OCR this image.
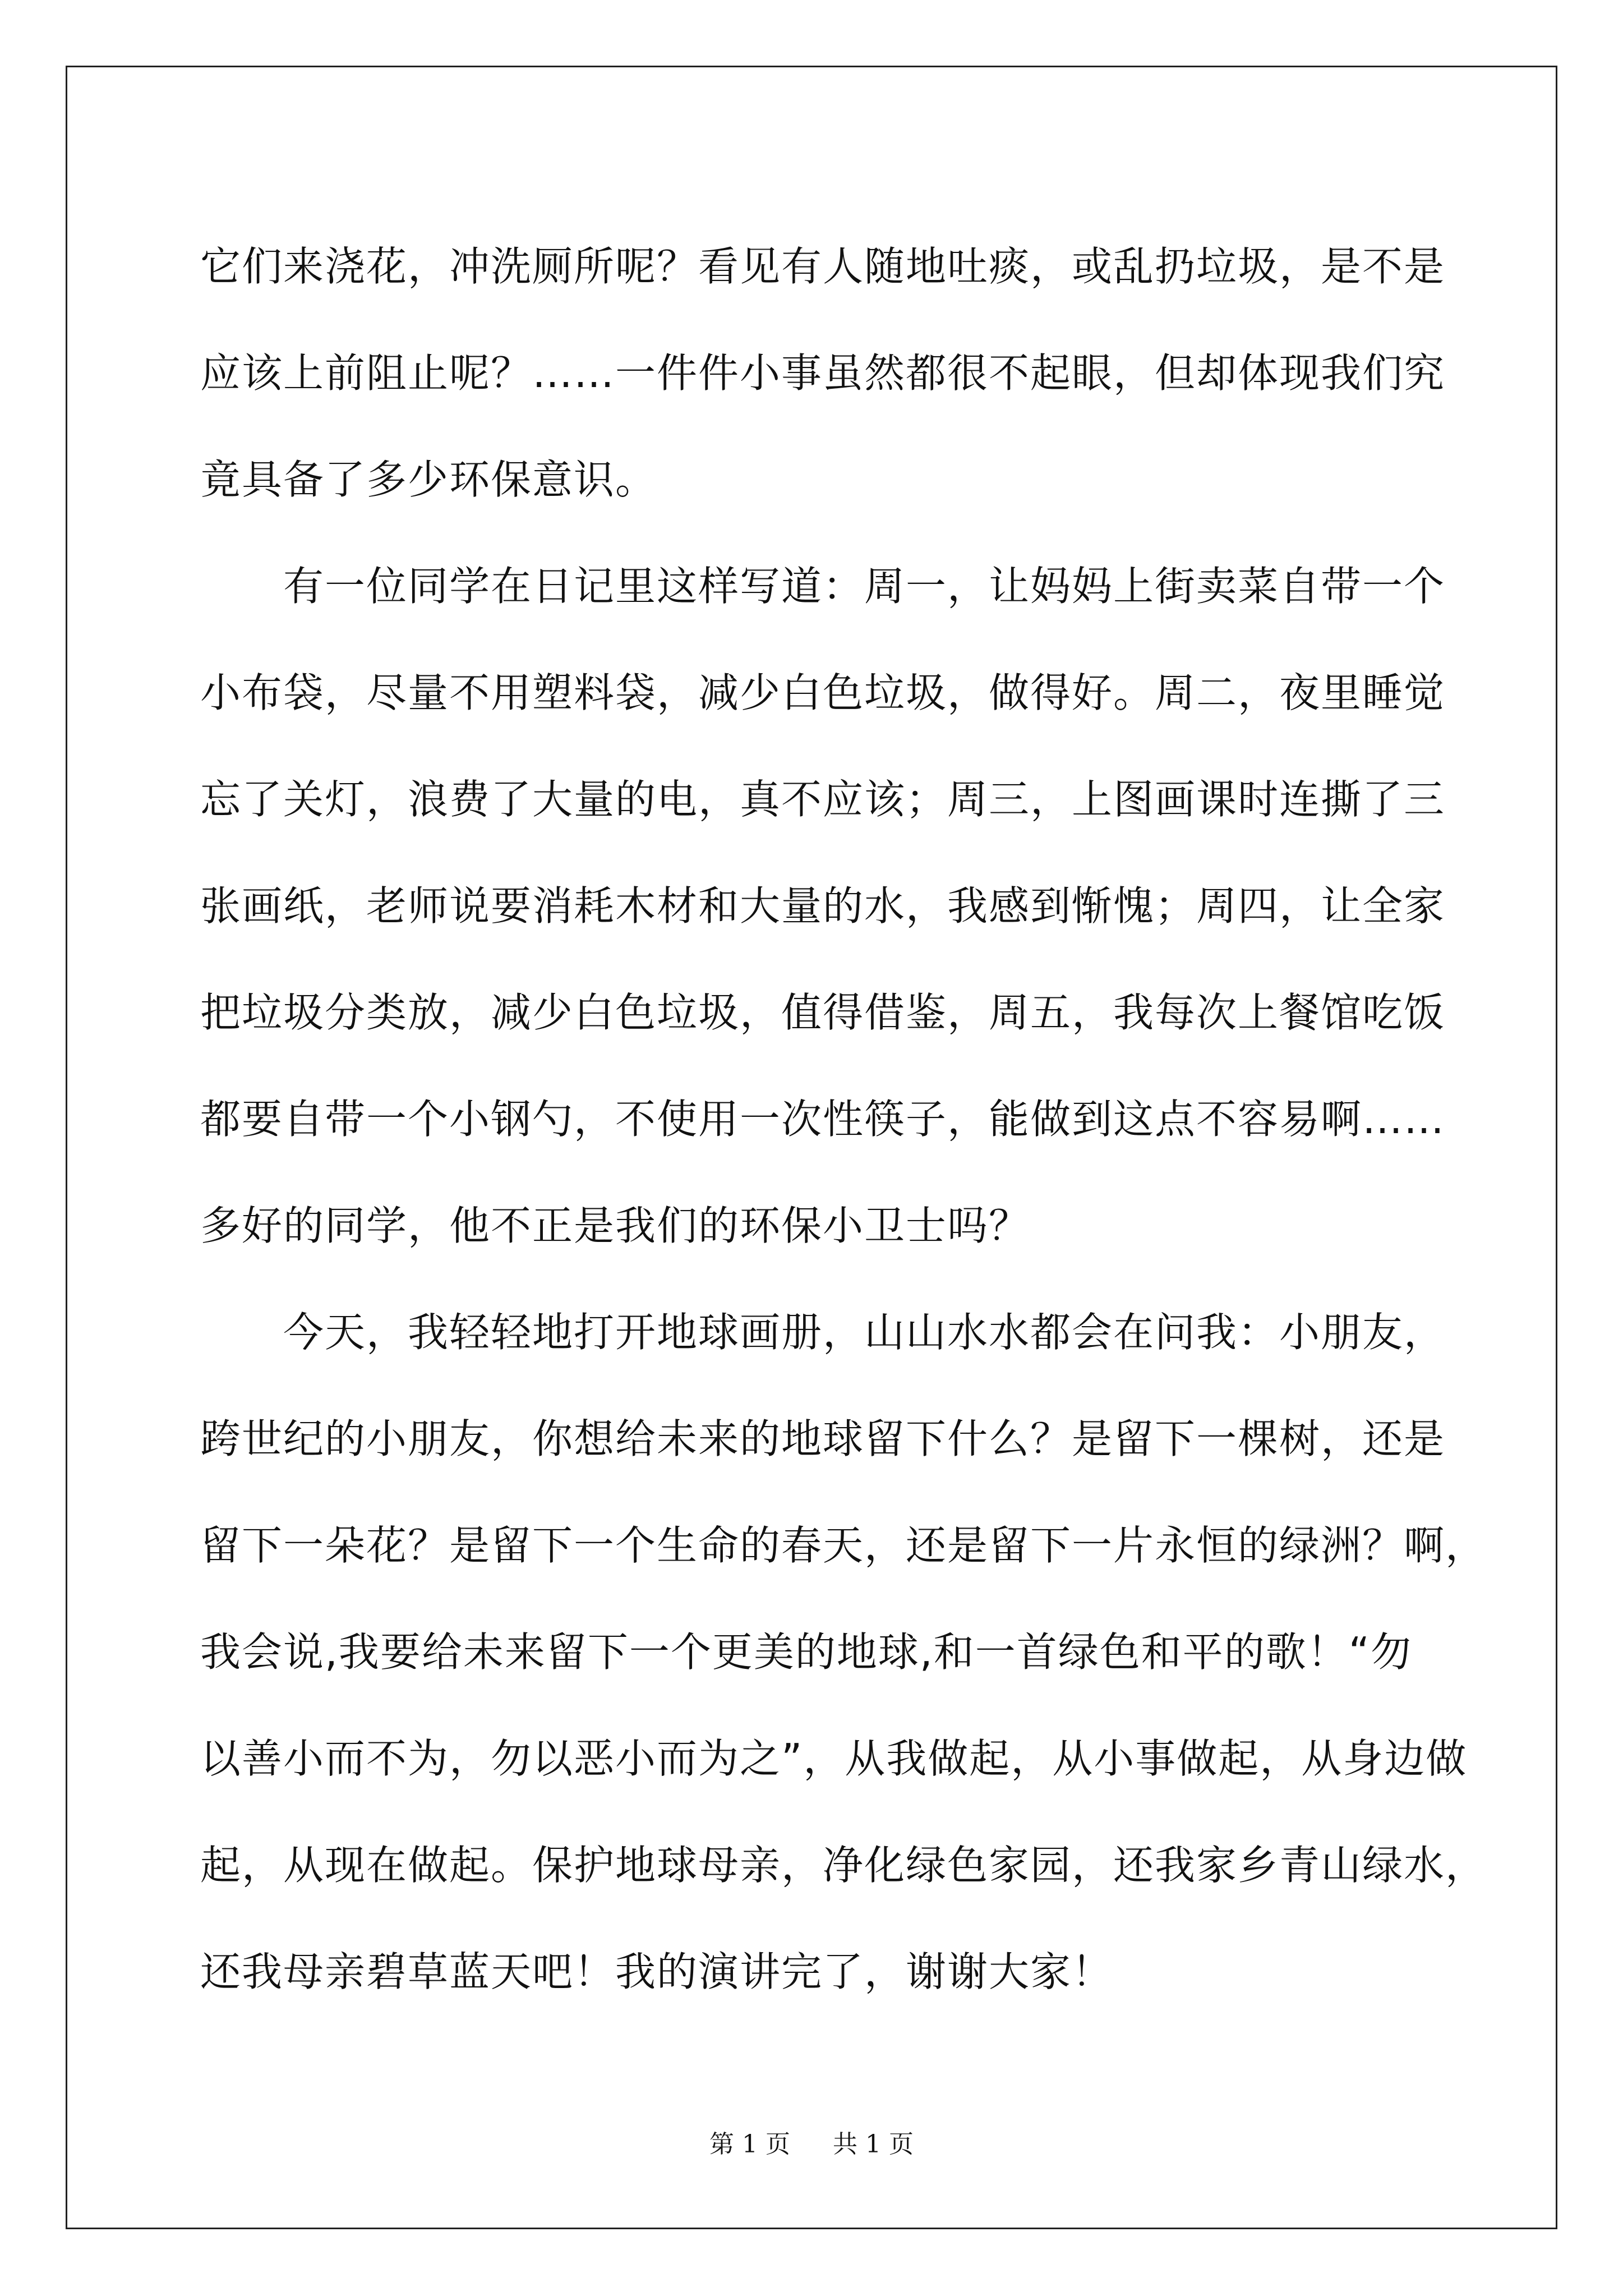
它们来浇花，冲洗厕所呢？看见有人随地吐痰，或乱扔垃圾，是不是
应该上前阻止呢？……一件件小事虽然都很不起眼，但却体现我们究
竟具备了多少环保意识。
有一位同学在日记里这样写道：周一，让妈妈上街卖菜自带一个
小布袋，尽量不用塑料袋，减少白色垃圾，做得好。周二，夜里睡觉
忘了关灯，浪费了大量的电，真不应该；周三，上图画课时连撕了三
张画纸，老师说要消耗木材和大量的水，我感到惭愧；周四，让全家
把垃圾分类放，减少白色垃圾，值得借鉴，周五，我每次上餐馆吃饭
都要自带一个小钢勺，不使用一次性筷子，能做到这点不容易啊……
多好的同学，他不正是我们的环保小卫士吗？
今天，我轻轻地打开地球画册，山山水水都会在问我：小朋友，
跨世纪的小朋友，你想给未来的地球留下什么？是留下一棵树，还是
留下一朵花？是留下一个生命的春天，还是留下一片永恒的绿洲？啊，
我会说,我要给未来留下一个更美的地球,和一首绿色和平的歌！“勿
以善小而不为，勿以恶小而为之”，从我做起，从小事做起，从身边做
起，从现在做起。保护地球母亲，净化绿色家园，还我家乡青山绿水，
还我母亲碧草蓝天吧！我的演讲完了，谢谢大家！
第 1 页 共 1 页
